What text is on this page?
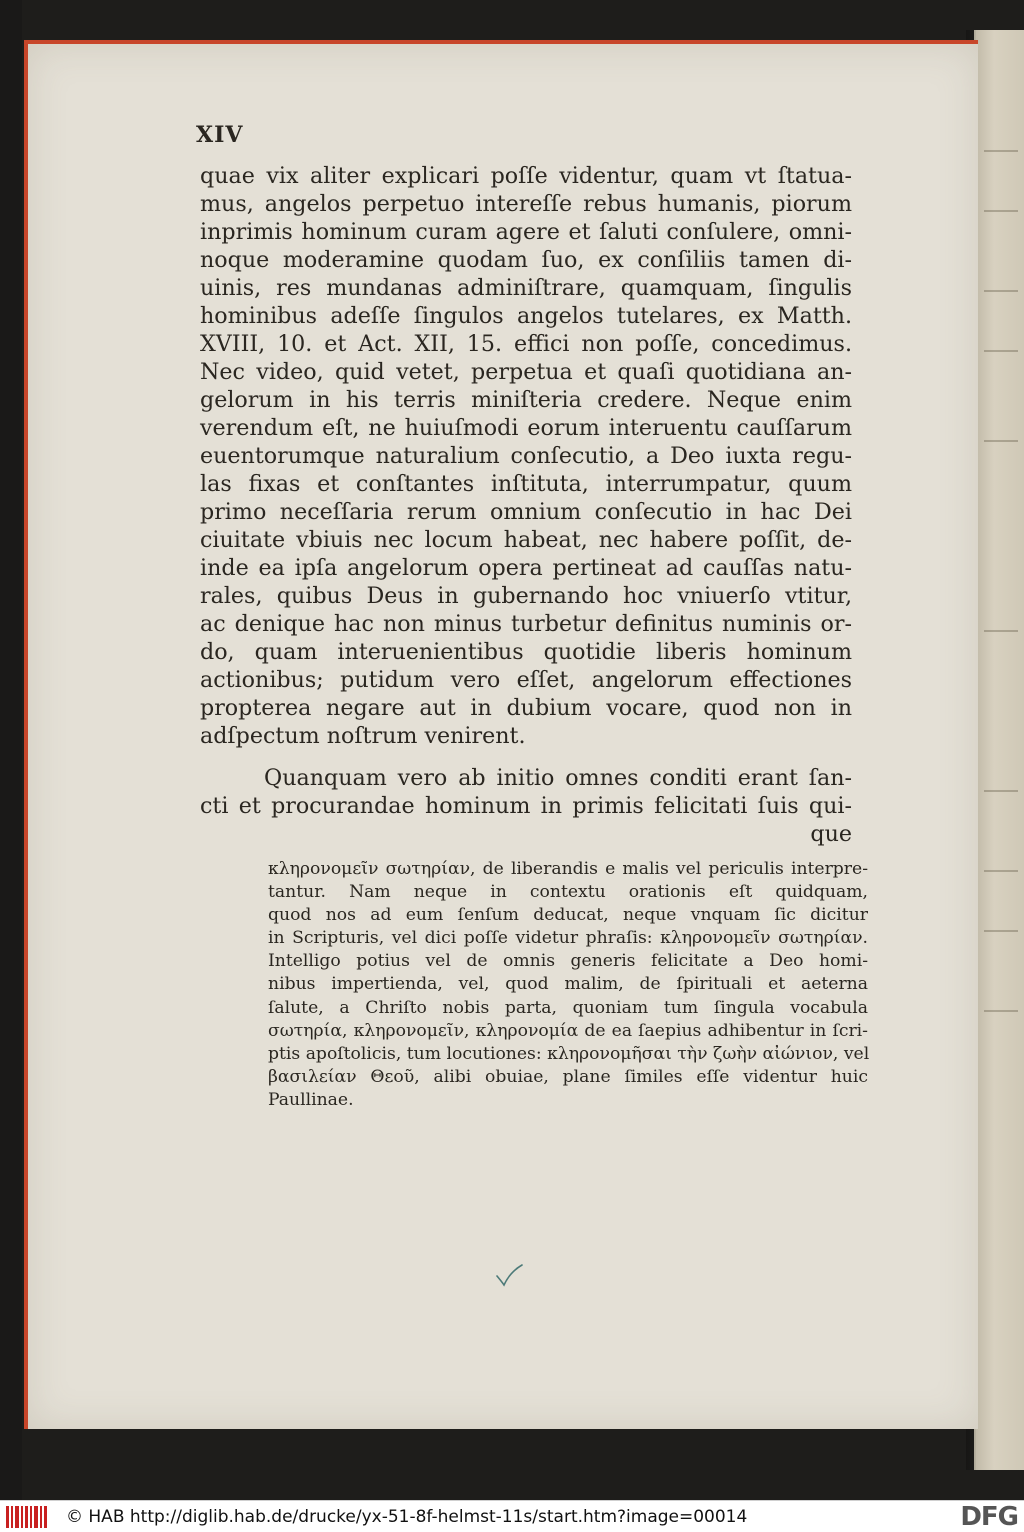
XIV
quae vix aliter explicari poſſe videntur, quam vt ſtatua-
mus, angelos perpetuo intereſſe rebus humanis, piorum
inprimis hominum curam agere et ſaluti conſulere, omni-
noque moderamine quodam ſuo, ex conſiliis tamen di-
uinis, res mundanas adminiſtrare, quamquam, ſingulis
hominibus adeſſe ſingulos angelos tutelares, ex Matth.
XVIII, 10. et Act. XII, 15. effici non poſſe, concedimus.
Nec video, quid vetet, perpetua et quaſi quotidiana an-
gelorum in his terris miniſteria credere. Neque enim
verendum eſt, ne huiuſmodi eorum interuentu cauſſarum
euentorumque naturalium conſecutio, a Deo iuxta regu-
las fixas et conſtantes inſtituta, interrumpatur, quum
primo neceſſaria rerum omnium conſecutio in hac Dei
ciuitate vbiuis nec locum habeat, nec habere poſſit, de-
inde ea ipſa angelorum opera pertineat ad cauſſas natu-
rales, quibus Deus in gubernando hoc vniuerſo vtitur,
ac denique hac non minus turbetur definitus numinis or-
do, quam interuenientibus quotidie liberis hominum
actionibus; putidum vero eſſet, angelorum effectiones
propterea negare aut in dubium vocare, quod non in
adſpectum noſtrum venirent.
Quanquam vero ab initio omnes conditi erant ſan-
cti et procurandae hominum in primis felicitati ſuis qui-
que
κληρονομεῖν σωτηρίαν, de liberandis e malis vel periculis interpre-
tantur. Nam neque in contextu orationis eſt quidquam,
quod nos ad eum ſenſum deducat, neque vnquam ſic dicitur
in Scripturis, vel dici poſſe videtur phraſis: κληρονομεῖν σωτηρίαν.
Intelligo potius vel de omnis generis felicitate a Deo homi-
nibus impertienda, vel, quod malim, de ſpirituali et aeterna
ſalute, a Chriſto nobis parta, quoniam tum ſingula vocabula
σωτηρία, κληρονομεῖν, κληρονομία de ea ſaepius adhibentur in ſcri-
ptis apoſtolicis, tum locutiones: κληρονομῆσαι τὴν ζωὴν αἰώνιον, vel
βασιλείαν Θεοῦ, alibi obuiae, plane ſimiles eſſe videntur huic
Paullinae.
© HAB http://diglib.hab.de/drucke/yx-51-8f-helmst-11s/start.htm?image=00014	DFG
